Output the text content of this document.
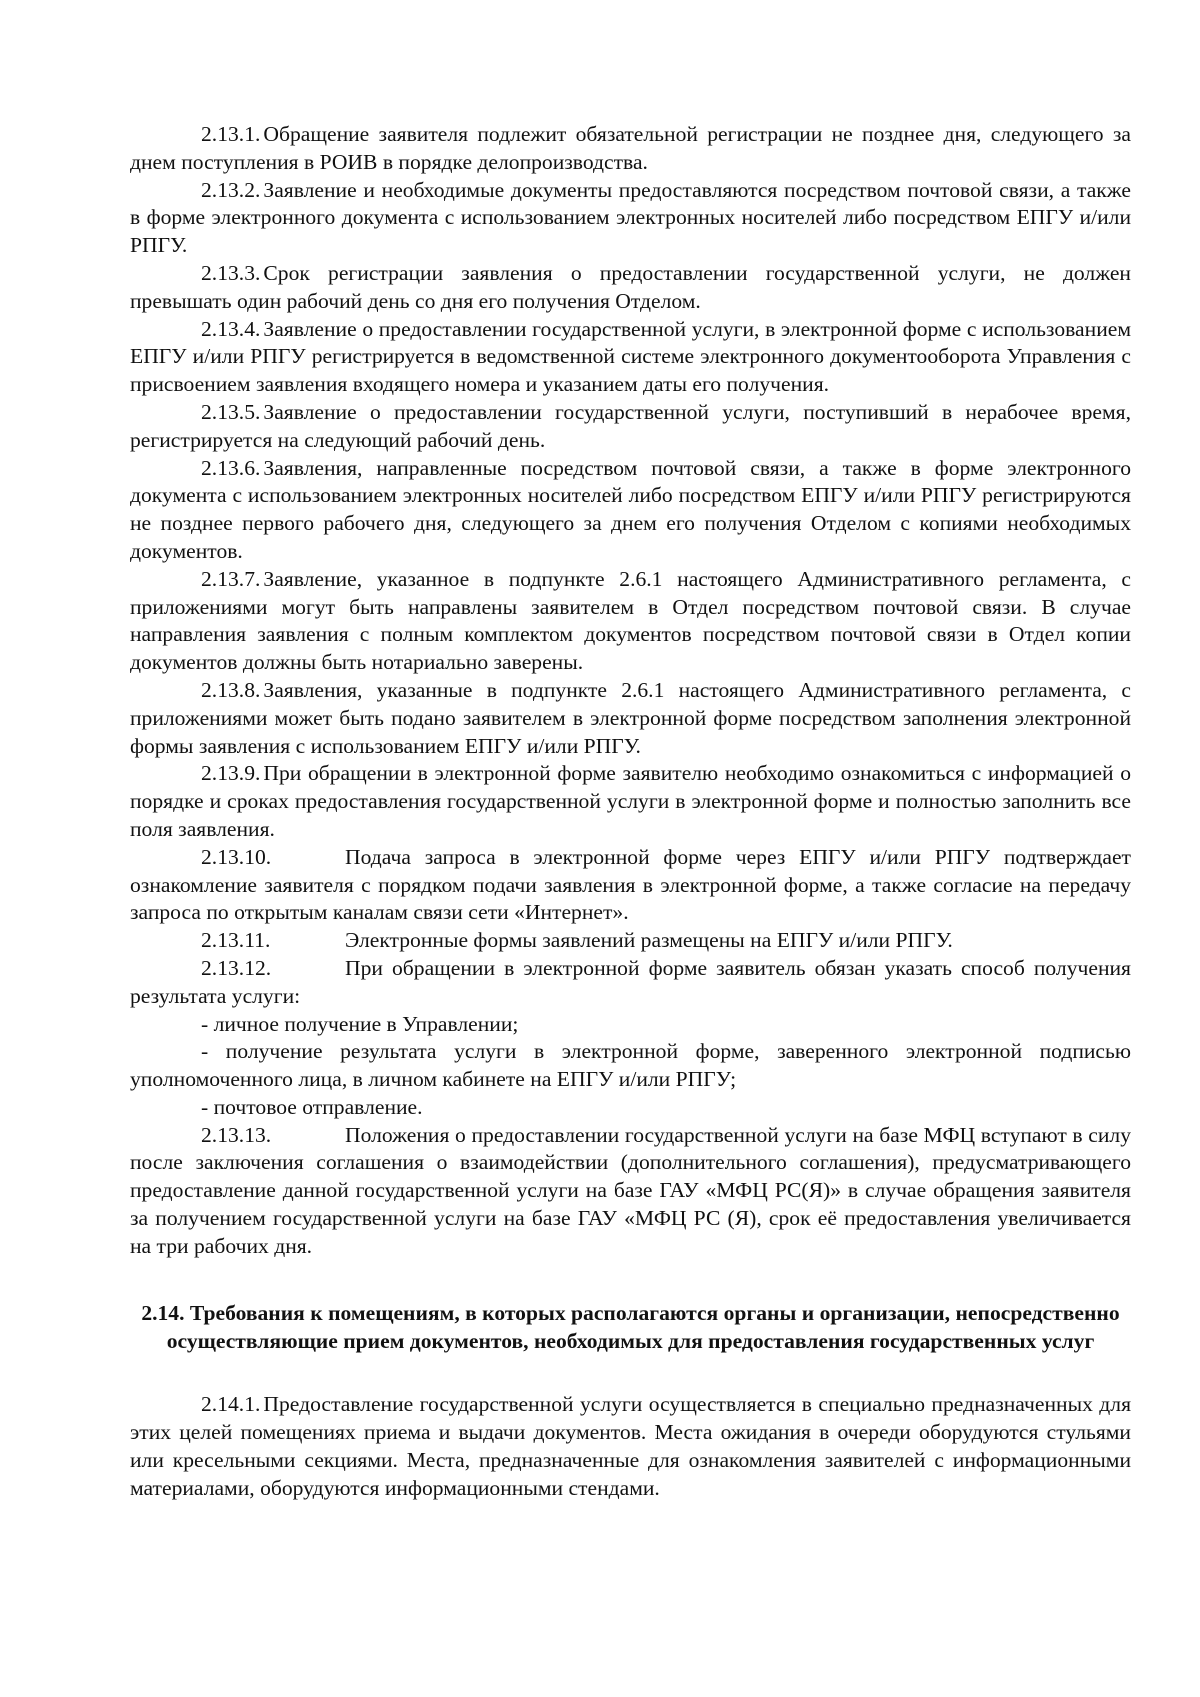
2.13.1. Обращение заявителя подлежит обязательной регистрации не позднее дня, следующего за днем поступления в РОИВ в порядке делопроизводства.

2.13.2. Заявление и необходимые документы предоставляются посредством почтовой связи, а также в форме электронного документа с использованием электронных носителей либо посредством ЕПГУ и/или РПГУ.

2.13.3. Срок регистрации заявления о предоставлении государственной услуги, не должен превышать один рабочий день со дня его получения Отделом.

2.13.4. Заявление о предоставлении государственной услуги, в электронной форме с использованием ЕПГУ и/или РПГУ регистрируется в ведомственной системе электронного документооборота Управления с присвоением заявления входящего номера и указанием даты его получения.

2.13.5. Заявление о предоставлении государственной услуги, поступивший в нерабочее время, регистрируется на следующий рабочий день.

2.13.6. Заявления, направленные посредством почтовой связи, а также в форме электронного документа с использованием электронных носителей либо посредством ЕПГУ и/или РПГУ регистрируются не позднее первого рабочего дня, следующего за днем его получения Отделом с копиями необходимых документов.

2.13.7. Заявление, указанное в подпункте 2.6.1 настоящего Административного регламента, с приложениями могут быть направлены заявителем в Отдел посредством почтовой связи. В случае направления заявления с полным комплектом документов посредством почтовой связи в Отдел копии документов должны быть нотариально заверены.

2.13.8. Заявления, указанные в подпункте 2.6.1 настоящего Административного регламента, с приложениями может быть подано заявителем в электронной форме посредством заполнения электронной формы заявления с использованием ЕПГУ и/или РПГУ.

2.13.9. При обращении в электронной форме заявителю необходимо ознакомиться с информацией о порядке и сроках предоставления государственной услуги в электронной форме и полностью заполнить все поля заявления.

2.13.10.	Подача запроса в электронной форме через ЕПГУ и/или РПГУ подтверждает ознакомление заявителя с порядком подачи заявления в электронной форме, а также согласие на передачу запроса по открытым каналам связи сети «Интернет».

2.13.11.	Электронные формы заявлений размещены на ЕПГУ и/или РПГУ.

2.13.12.	При обращении в электронной форме заявитель обязан указать способ получения результата услуги:

- личное получение в Управлении;

- получение результата услуги в электронной форме, заверенного электронной подписью уполномоченного лица, в личном кабинете на ЕПГУ и/или РПГУ;

- почтовое отправление.

2.13.13.	Положения о предоставлении государственной услуги на базе МФЦ вступают в силу после заключения соглашения о взаимодействии (дополнительного соглашения), предусматривающего предоставление данной государственной услуги на базе ГАУ «МФЦ РС(Я)» в случае обращения заявителя за получением государственной услуги на базе ГАУ «МФЦ РС (Я), срок её предоставления увеличивается на три рабочих дня.

2.14. Требования к помещениям, в которых располагаются органы и организации, непосредственно осуществляющие прием документов, необходимых для предоставления государственных услуг

2.14.1. Предоставление государственной услуги осуществляется в специально предназначенных для этих целей помещениях приема и выдачи документов. Места ожидания в очереди оборудуются стульями или кресельными секциями. Места, предназначенные для ознакомления заявителей с информационными материалами, оборудуются информационными стендами.
